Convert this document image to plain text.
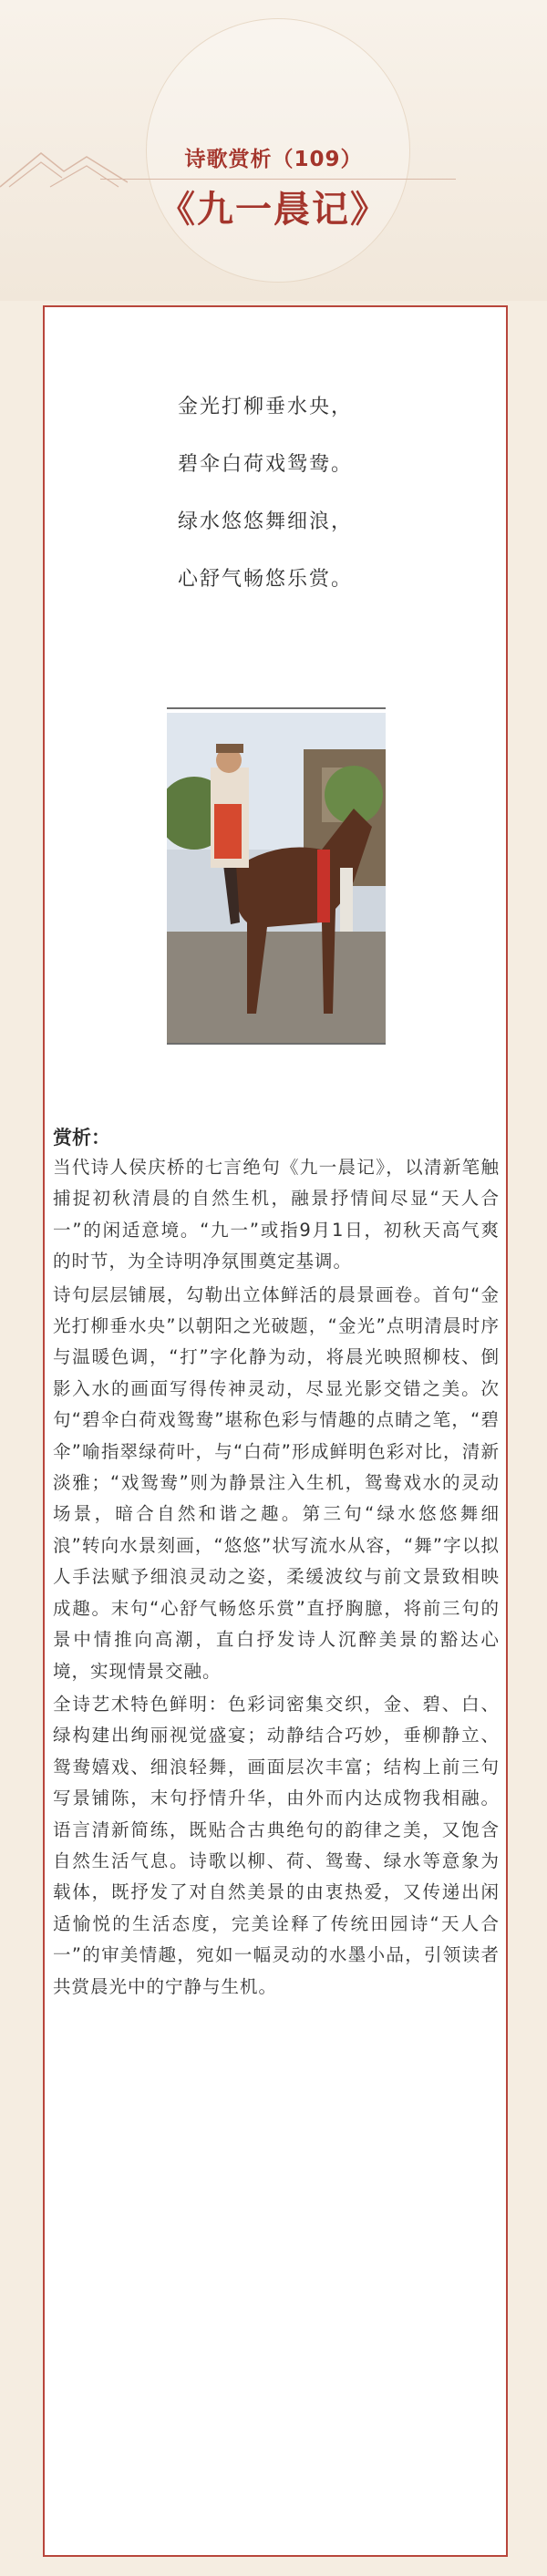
诗歌赏析（109）
《九一晨记》
金光打柳垂水央，
碧伞白荷戏鸳鸯。
绿水悠悠舞细浪，
心舒气畅悠乐赏。
赏析：

当代诗人侯庆桥的七言绝句《九一晨记》，以清新笔触捕捉初秋清晨的自然生机，融景抒情间尽显“天人合一”的闲适意境。“九一”或指9月1日，初秋天高气爽的时节，为全诗明净氛围奠定基调。

诗句层层铺展，勾勒出立体鲜活的晨景画卷。首句“金光打柳垂水央”以朝阳之光破题，“金光”点明清晨时序与温暖色调，“打”字化静为动，将晨光映照柳枝、倒影入水的画面写得传神灵动，尽显光影交错之美。次句“碧伞白荷戏鸳鸯”堪称色彩与情趣的点睛之笔，“碧伞”喻指翠绿荷叶，与“白荷”形成鲜明色彩对比，清新淡雅；“戏鸳鸯”则为静景注入生机，鸳鸯戏水的灵动场景，暗合自然和谐之趣。第三句“绿水悠悠舞细浪”转向水景刻画，“悠悠”状写流水从容，“舞”字以拟人手法赋予细浪灵动之姿，柔缓波纹与前文景致相映成趣。末句“心舒气畅悠乐赏”直抒胸臆，将前三句的景中情推向高潮，直白抒发诗人沉醉美景的豁达心境，实现情景交融。

全诗艺术特色鲜明：色彩词密集交织，金、碧、白、绿构建出绚丽视觉盛宴；动静结合巧妙，垂柳静立、鸳鸯嬉戏、细浪轻舞，画面层次丰富；结构上前三句写景铺陈，末句抒情升华，由外而内达成物我相融。语言清新简练，既贴合古典绝句的韵律之美，又饱含自然生活气息。诗歌以柳、荷、鸳鸯、绿水等意象为载体，既抒发了对自然美景的由衷热爱，又传递出闲适愉悦的生活态度，完美诠释了传统田园诗“天人合一”的审美情趣，宛如一幅灵动的水墨小品，引领读者共赏晨光中的宁静与生机。
